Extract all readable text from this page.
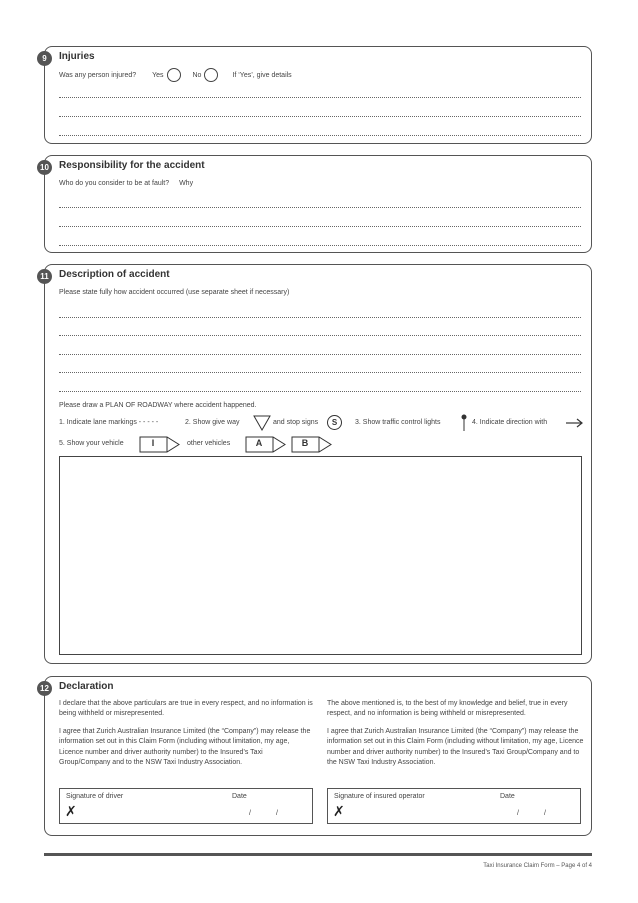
9	Injuries
Was any person injured? Yes	No	If ‘Yes’, give details
10	Responsibility for the accident
Who do you consider to be at fault? Why
11	Description of accident
Please state fully how accident occurred (use separate sheet if necessary)
Please draw a PLAN OF ROADWAY where accident happened.
1. Indicate lane markings - - - - -	2. Show give way	and stop signs S	3. Show traffic control lights	4. Indicate direction with
5. Show your vehicle	I	other vehicles	A	B
12	Declaration
I declare that the above particulars are true in every respect, and no information is being withheld or misrepresented.
I agree that Zurich Australian Insurance Limited (the “Company”) may release the information set out in this Claim Form (including without limitation, my age, Licence number and driver authority number) to the Insured’s Taxi Group/Company and to the NSW Taxi Industry Association.
The above mentioned is, to the best of my knowledge and belief, true in every respect, and no information is being withheld or misrepresented.
I agree that Zurich Australian Insurance Limited (the “Company”) may release the information set out in this Claim Form (including without limitation, my age, Licence number and driver authority number) to the Insured’s Taxi Group/Company and to the NSW Taxi Industry Association.
Signature of driver	Date
✗	/	/
Signature of insured operator	Date
✗	/	/
Taxi Insurance Claim Form – Page 4 of 4
